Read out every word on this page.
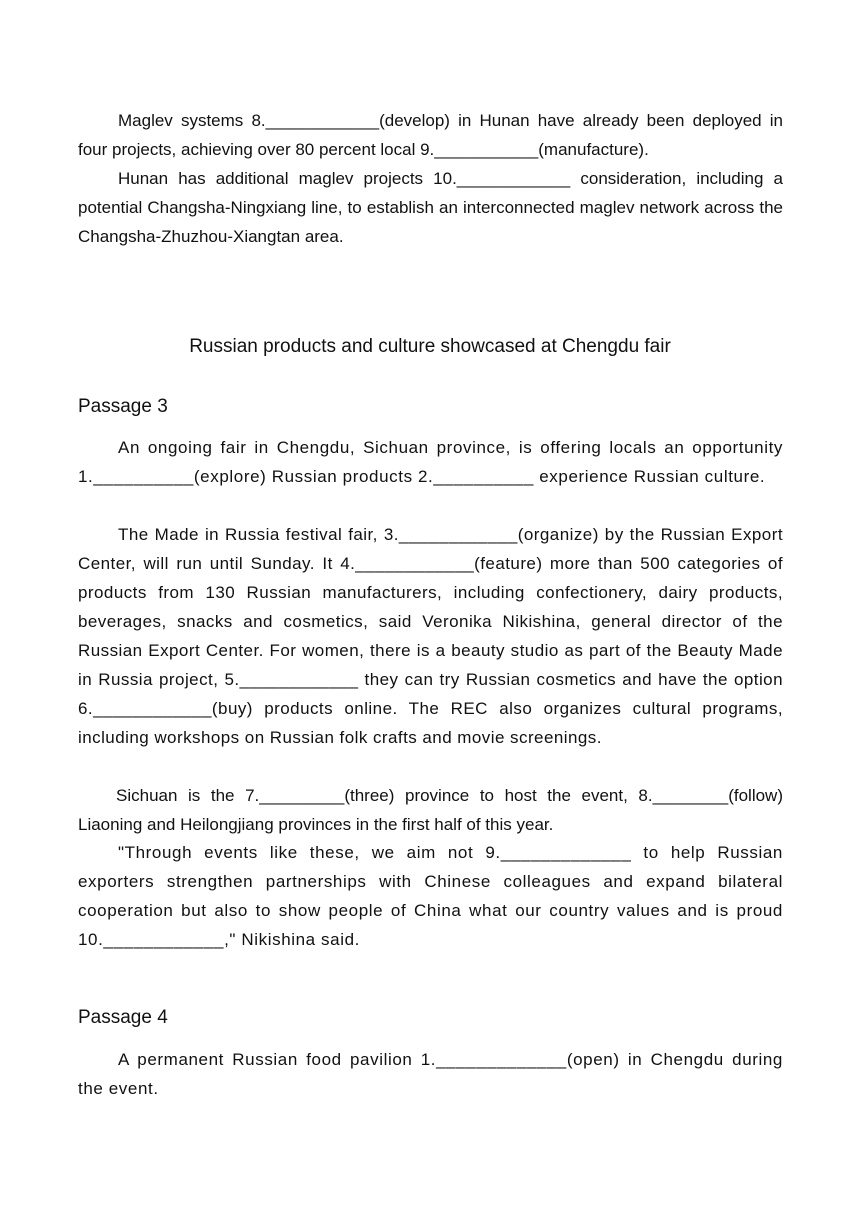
Maglev systems 8.____________(develop) in Hunan have already been deployed in four projects, achieving over 80 percent local 9.___________(manufacture).

Hunan has additional maglev projects 10.____________ consideration, including a potential Changsha-Ningxiang line, to establish an interconnected maglev network across the Changsha-Zhuzhou-Xiangtan area.

Russian products and culture showcased at Chengdu fair

Passage 3

An ongoing fair in Chengdu, Sichuan province, is offering locals an opportunity 1.__________(explore) Russian products 2.__________ experience Russian culture.

The Made in Russia festival fair, 3.____________(organize) by the Russian Export Center, will run until Sunday. It 4.____________(feature) more than 500 categories of products from 130 Russian manufacturers, including confectionery, dairy products, beverages, snacks and cosmetics, said Veronika Nikishina, general director of the Russian Export Center. For women, there is a beauty studio as part of the Beauty Made in Russia project, 5.____________ they can try Russian cosmetics and have the option 6.____________(buy) products online. The REC also organizes cultural programs, including workshops on Russian folk crafts and movie screenings.

Sichuan is the 7._________(three) province to host the event, 8.________(follow) Liaoning and Heilongjiang provinces in the first half of this year.

"Through events like these, we aim not 9._____________ to help Russian exporters strengthen partnerships with Chinese colleagues and expand bilateral cooperation but also to show people of China what our country values and is proud 10.____________," Nikishina said.

Passage 4

A permanent Russian food pavilion 1._____________(open) in Chengdu during the event.
